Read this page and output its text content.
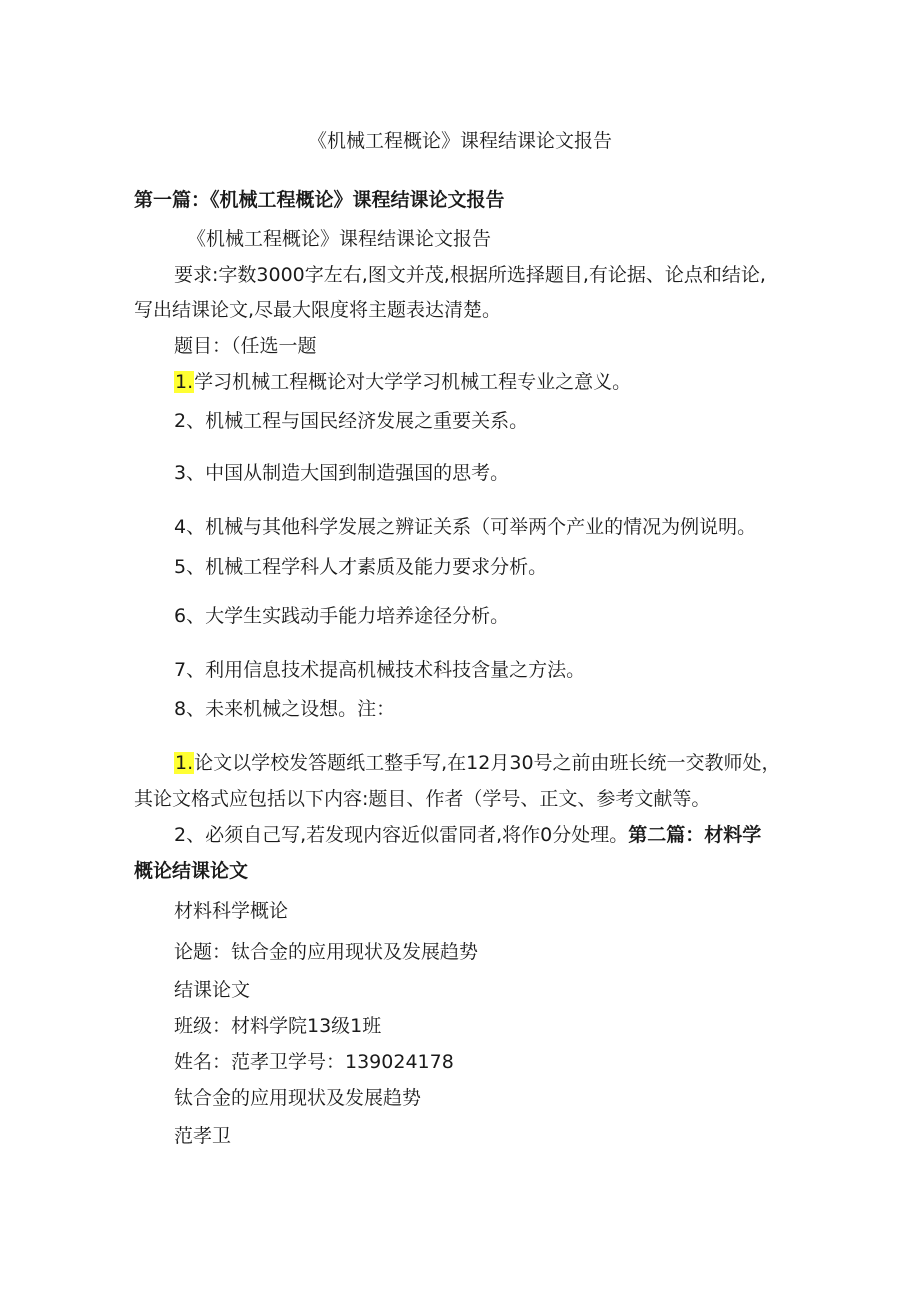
《机械工程概论》课程结课论文报告
第一篇：《机械工程概论》课程结课论文报告
《机械工程概论》课程结课论文报告
要求:字数3000字左右,图文并茂,根据所选择题目,有论据、论点和结论,
写出结课论文,尽最大限度将主题表达清楚。
题目：（任选一题
1.学习机械工程概论对大学学习机械工程专业之意义。
2、机械工程与国民经济发展之重要关系。
3、中国从制造大国到制造强国的思考。
4、机械与其他科学发展之辨证关系（可举两个产业的情况为例说明。
5、机械工程学科人才素质及能力要求分析。
6、大学生实践动手能力培养途径分析。
7、利用信息技术提高机械技术科技含量之方法。
8、未来机械之设想。注：
1.论文以学校发答题纸工整手写,在12月30号之前由班长统一交教师处，
其论文格式应包括以下内容:题目、作者（学号、正文、参考文献等。
2、必须自己写,若发现内容近似雷同者,将作0分处理。第二篇：材料学
概论结课论文
材料科学概论
论题：钛合金的应用现状及发展趋势
结课论文
班级：材料学院13级1班
姓名：范孝卫学号：139024178
钛合金的应用现状及发展趋势
范孝卫
